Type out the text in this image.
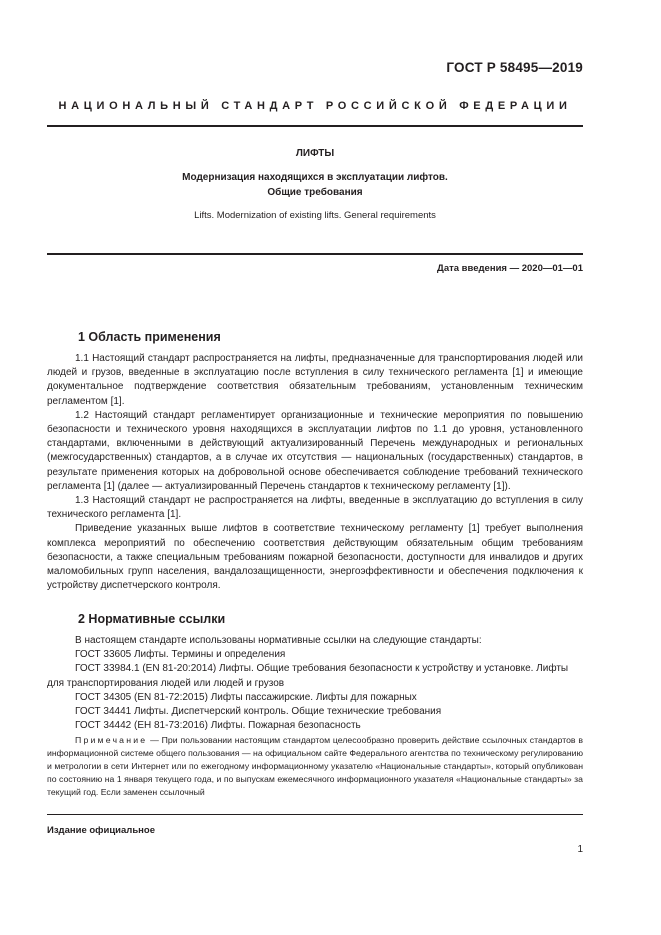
ГОСТ Р 58495—2019
НАЦИОНАЛЬНЫЙ СТАНДАРТ РОССИЙСКОЙ ФЕДЕРАЦИИ
ЛИФТЫ
Модернизация находящихся в эксплуатации лифтов.
Общие требования
Lifts. Modernization of existing lifts. General requirements
Дата введения — 2020—01—01
1 Область применения

1.1 Настоящий стандарт распространяется на лифты, предназначенные для транспортирования людей или людей и грузов, введенные в эксплуатацию после вступления в силу технического регламента [1] и имеющие документальное подтверждение соответствия обязательным требованиям, установленным техническим регламентом [1].

1.2 Настоящий стандарт регламентирует организационные и технические мероприятия по повышению безопасности и технического уровня находящихся в эксплуатации лифтов по 1.1 до уровня, установленного стандартами, включенными в действующий актуализированный Перечень международных и региональных (межгосударственных) стандартов, а в случае их отсутствия — национальных (государственных) стандартов, в результате применения которых на добровольной основе обеспечивается соблюдение требований технического регламента [1] (далее — актуализированный Перечень стандартов к техническому регламенту [1]).

1.3 Настоящий стандарт не распространяется на лифты, введенные в эксплуатацию до вступления в силу технического регламента [1].

Приведение указанных выше лифтов в соответствие техническому регламенту [1] требует выполнения комплекса мероприятий по обеспечению соответствия действующим обязательным общим требованиям безопасности, а также специальным требованиям пожарной безопасности, доступности для инвалидов и других маломобильных групп населения, вандалозащищенности, энергоэффективности и обеспечения подключения к устройству диспетчерского контроля.

2 Нормативные ссылки

В настоящем стандарте использованы нормативные ссылки на следующие стандарты:

ГОСТ 33605 Лифты. Термины и определения

ГОСТ 33984.1 (EN 81-20:2014) Лифты. Общие требования безопасности к устройству и установке. Лифты для транспортирования людей или людей и грузов

ГОСТ 34305 (EN 81-72:2015) Лифты пассажирские. Лифты для пожарных

ГОСТ 34441 Лифты. Диспетчерский контроль. Общие технические требования

ГОСТ 34442 (EH 81-73:2016) Лифты. Пожарная безопасность

Примечание — При пользовании настоящим стандартом целесообразно проверить действие ссылочных стандартов в информационной системе общего пользования — на официальном сайте Федерального агентства по техническому регулированию и метрологии в сети Интернет или по ежегодному информационному указателю «Национальные стандарты», который опубликован по состоянию на 1 января текущего года, и по выпускам ежемесячного информационного указателя «Национальные стандарты» за текущий год. Если заменен ссылочный

Издание официальное
1
